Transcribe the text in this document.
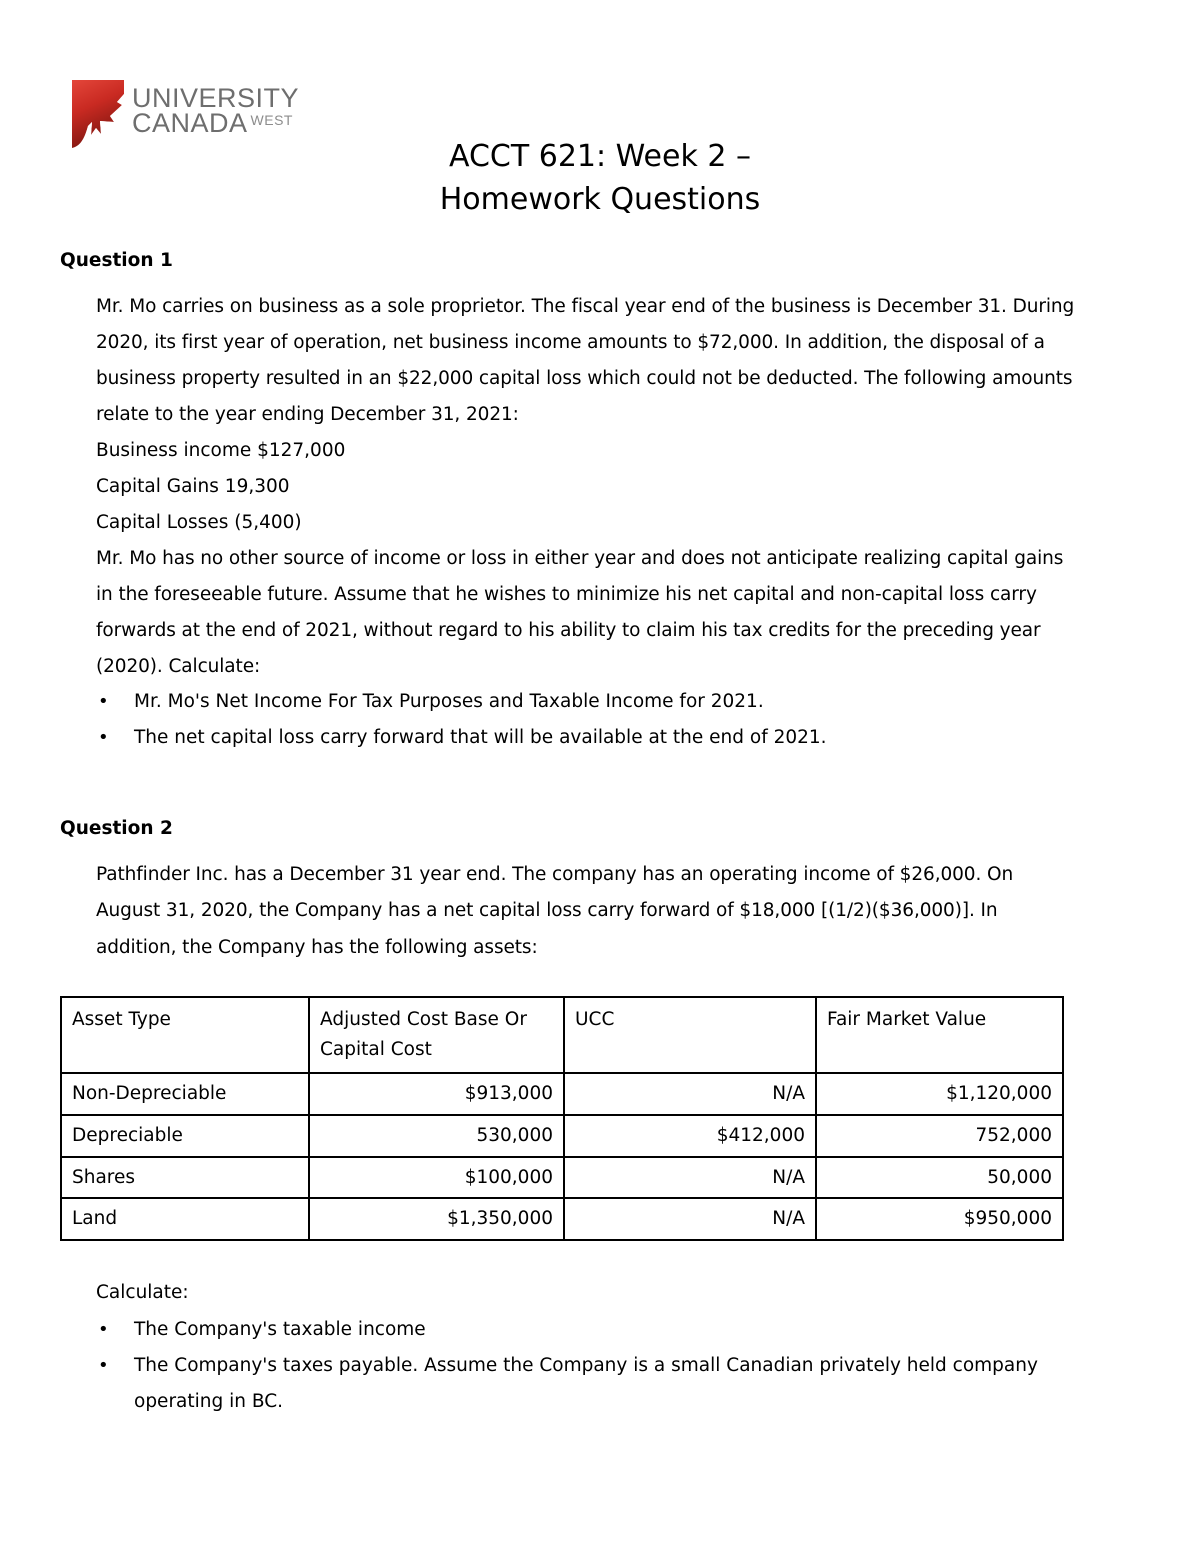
UNIVERSITY
CANADA $^{WEST}$
ACCT 621: Week 2 –
Homework Questions
Question 1
Mr. Mo carries on business as a sole proprietor. The fiscal year end of the business is December 31. During 2020, its first year of operation, net business income amounts to $72,000. In addition, the disposal of a business property resulted in an $22,000 capital loss which could not be deducted. The following amounts relate to the year ending December 31, 2021:
Business income $127,000
Capital Gains 19,300
Capital Losses (5,400)
Mr. Mo has no other source of income or loss in either year and does not anticipate realizing capital gains in the foreseeable future. Assume that he wishes to minimize his net capital and non-capital loss carry forwards at the end of 2021, without regard to his ability to claim his tax credits for the preceding year (2020). Calculate:
• Mr. Mo's Net Income For Tax Purposes and Taxable Income for 2021.
• The net capital loss carry forward that will be available at the end of 2021.
Question 2
Pathfinder Inc. has a December 31 year end. The company has an operating income of $26,000. On August 31, 2020, the Company has a net capital loss carry forward of $18,000 [(1/2)($36,000)]. In addition, the Company has the following assets:
Asset Type	Adjusted Cost Base Or Capital Cost	UCC	Fair Market Value
Non-Depreciable	$913,000	N/A	$1,120,000
Depreciable	530,000	$412,000	752,000
Shares	$100,000	N/A	50,000
Land	$1,350,000	N/A	$950,000
Calculate:
• The Company's taxable income
• The Company's taxes payable. Assume the Company is a small Canadian privately held company operating in BC.
